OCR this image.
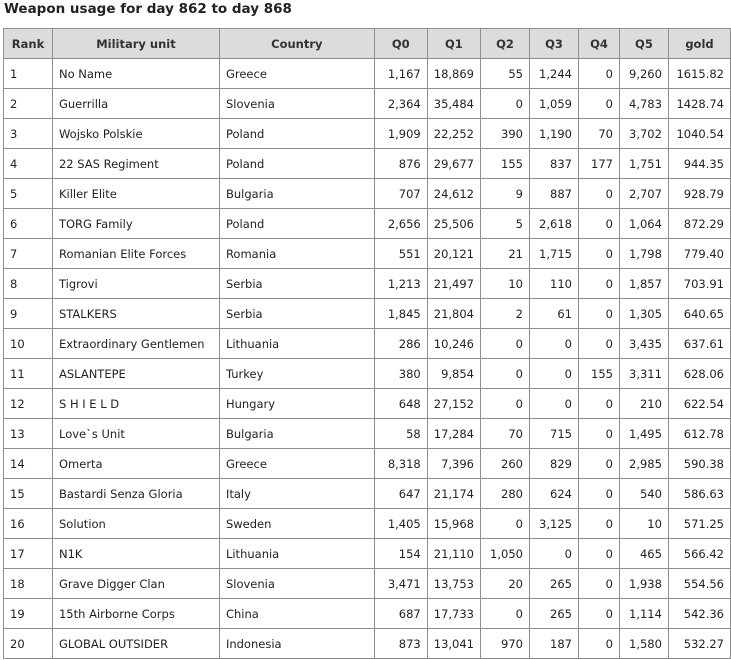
Weapon usage for day 862 to day 868
Rank	Military unit	Country	Q0	Q1	Q2	Q3	Q4	Q5	gold
1	No Name	Greece	1,167	18,869	55	1,244	0	9,260	1615.82
2	Guerrilla	Slovenia	2,364	35,484	0	1,059	0	4,783	1428.74
3	Wojsko Polskie	Poland	1,909	22,252	390	1,190	70	3,702	1040.54
4	22 SAS Regiment	Poland	876	29,677	155	837	177	1,751	944.35
5	Killer Elite	Bulgaria	707	24,612	9	887	0	2,707	928.79
6	TORG Family	Poland	2,656	25,506	5	2,618	0	1,064	872.29
7	Romanian Elite Forces	Romania	551	20,121	21	1,715	0	1,798	779.40
8	Tigrovi	Serbia	1,213	21,497	10	110	0	1,857	703.91
9	STALKERS	Serbia	1,845	21,804	2	61	0	1,305	640.65
10	Extraordinary Gentlemen	Lithuania	286	10,246	0	0	0	3,435	637.61
11	ASLANTEPE	Turkey	380	9,854	0	0	155	3,311	628.06
12	S H I E L D	Hungary	648	27,152	0	0	0	210	622.54
13	Love`s Unit	Bulgaria	58	17,284	70	715	0	1,495	612.78
14	Omerta	Greece	8,318	7,396	260	829	0	2,985	590.38
15	Bastardi Senza Gloria	Italy	647	21,174	280	624	0	540	586.63
16	Solution	Sweden	1,405	15,968	0	3,125	0	10	571.25
17	N1K	Lithuania	154	21,110	1,050	0	0	465	566.42
18	Grave Digger Clan	Slovenia	3,471	13,753	20	265	0	1,938	554.56
19	15th Airborne Corps	China	687	17,733	0	265	0	1,114	542.36
20	GLOBAL OUTSIDER	Indonesia	873	13,041	970	187	0	1,580	532.27
